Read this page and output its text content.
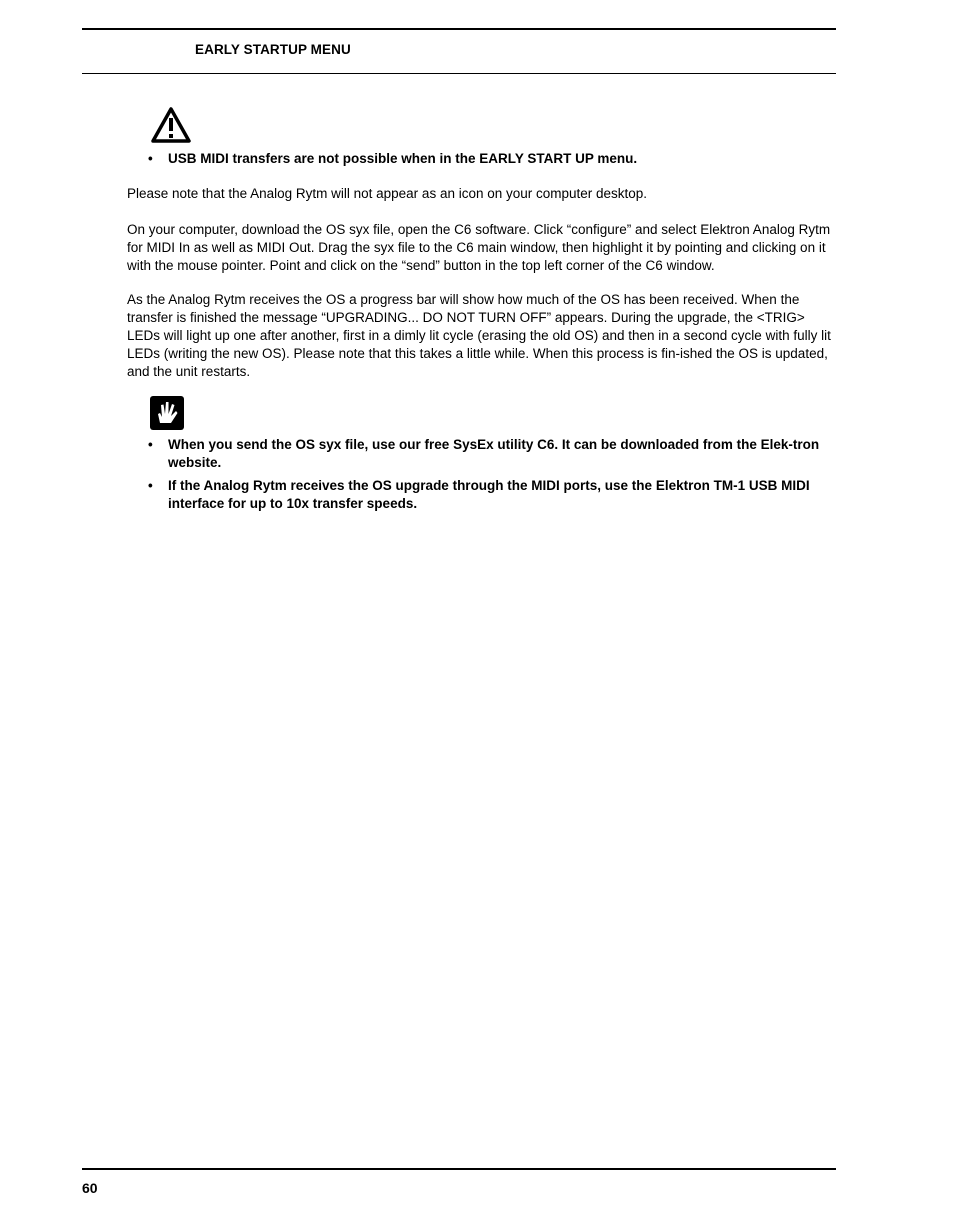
EARLY STARTUP MENU
• USB MIDI transfers are not possible when in the EARLY START UP menu.

Please note that the Analog Rytm will not appear as an icon on your computer desktop.

On your computer, download the OS syx file, open the C6 software. Click “configure” and select Elektron Analog Rytm for MIDI In as well as MIDI Out. Drag the syx file to the C6 main window, then highlight it by pointing and clicking on it with the mouse pointer. Point and click on the “send” button in the top left corner of the C6 window.

As the Analog Rytm receives the OS a progress bar will show how much of the OS has been received. When the transfer is finished the message “UPGRADING... DO NOT TURN OFF” appears. During the upgrade, the <TRIG> LEDs will light up one after another, first in a dimly lit cycle (erasing the old OS) and then in a second cycle with fully lit LEDs (writing the new OS). Please note that this takes a little while. When this process is fin-ished the OS is updated, and the unit restarts.

• When you send the OS syx file, use our free SysEx utility C6. It can be downloaded from the Elek-tron website.
• If the Analog Rytm receives the OS upgrade through the MIDI ports, use the Elektron TM-1 USB MIDI interface for up to 10x transfer speeds.
60
